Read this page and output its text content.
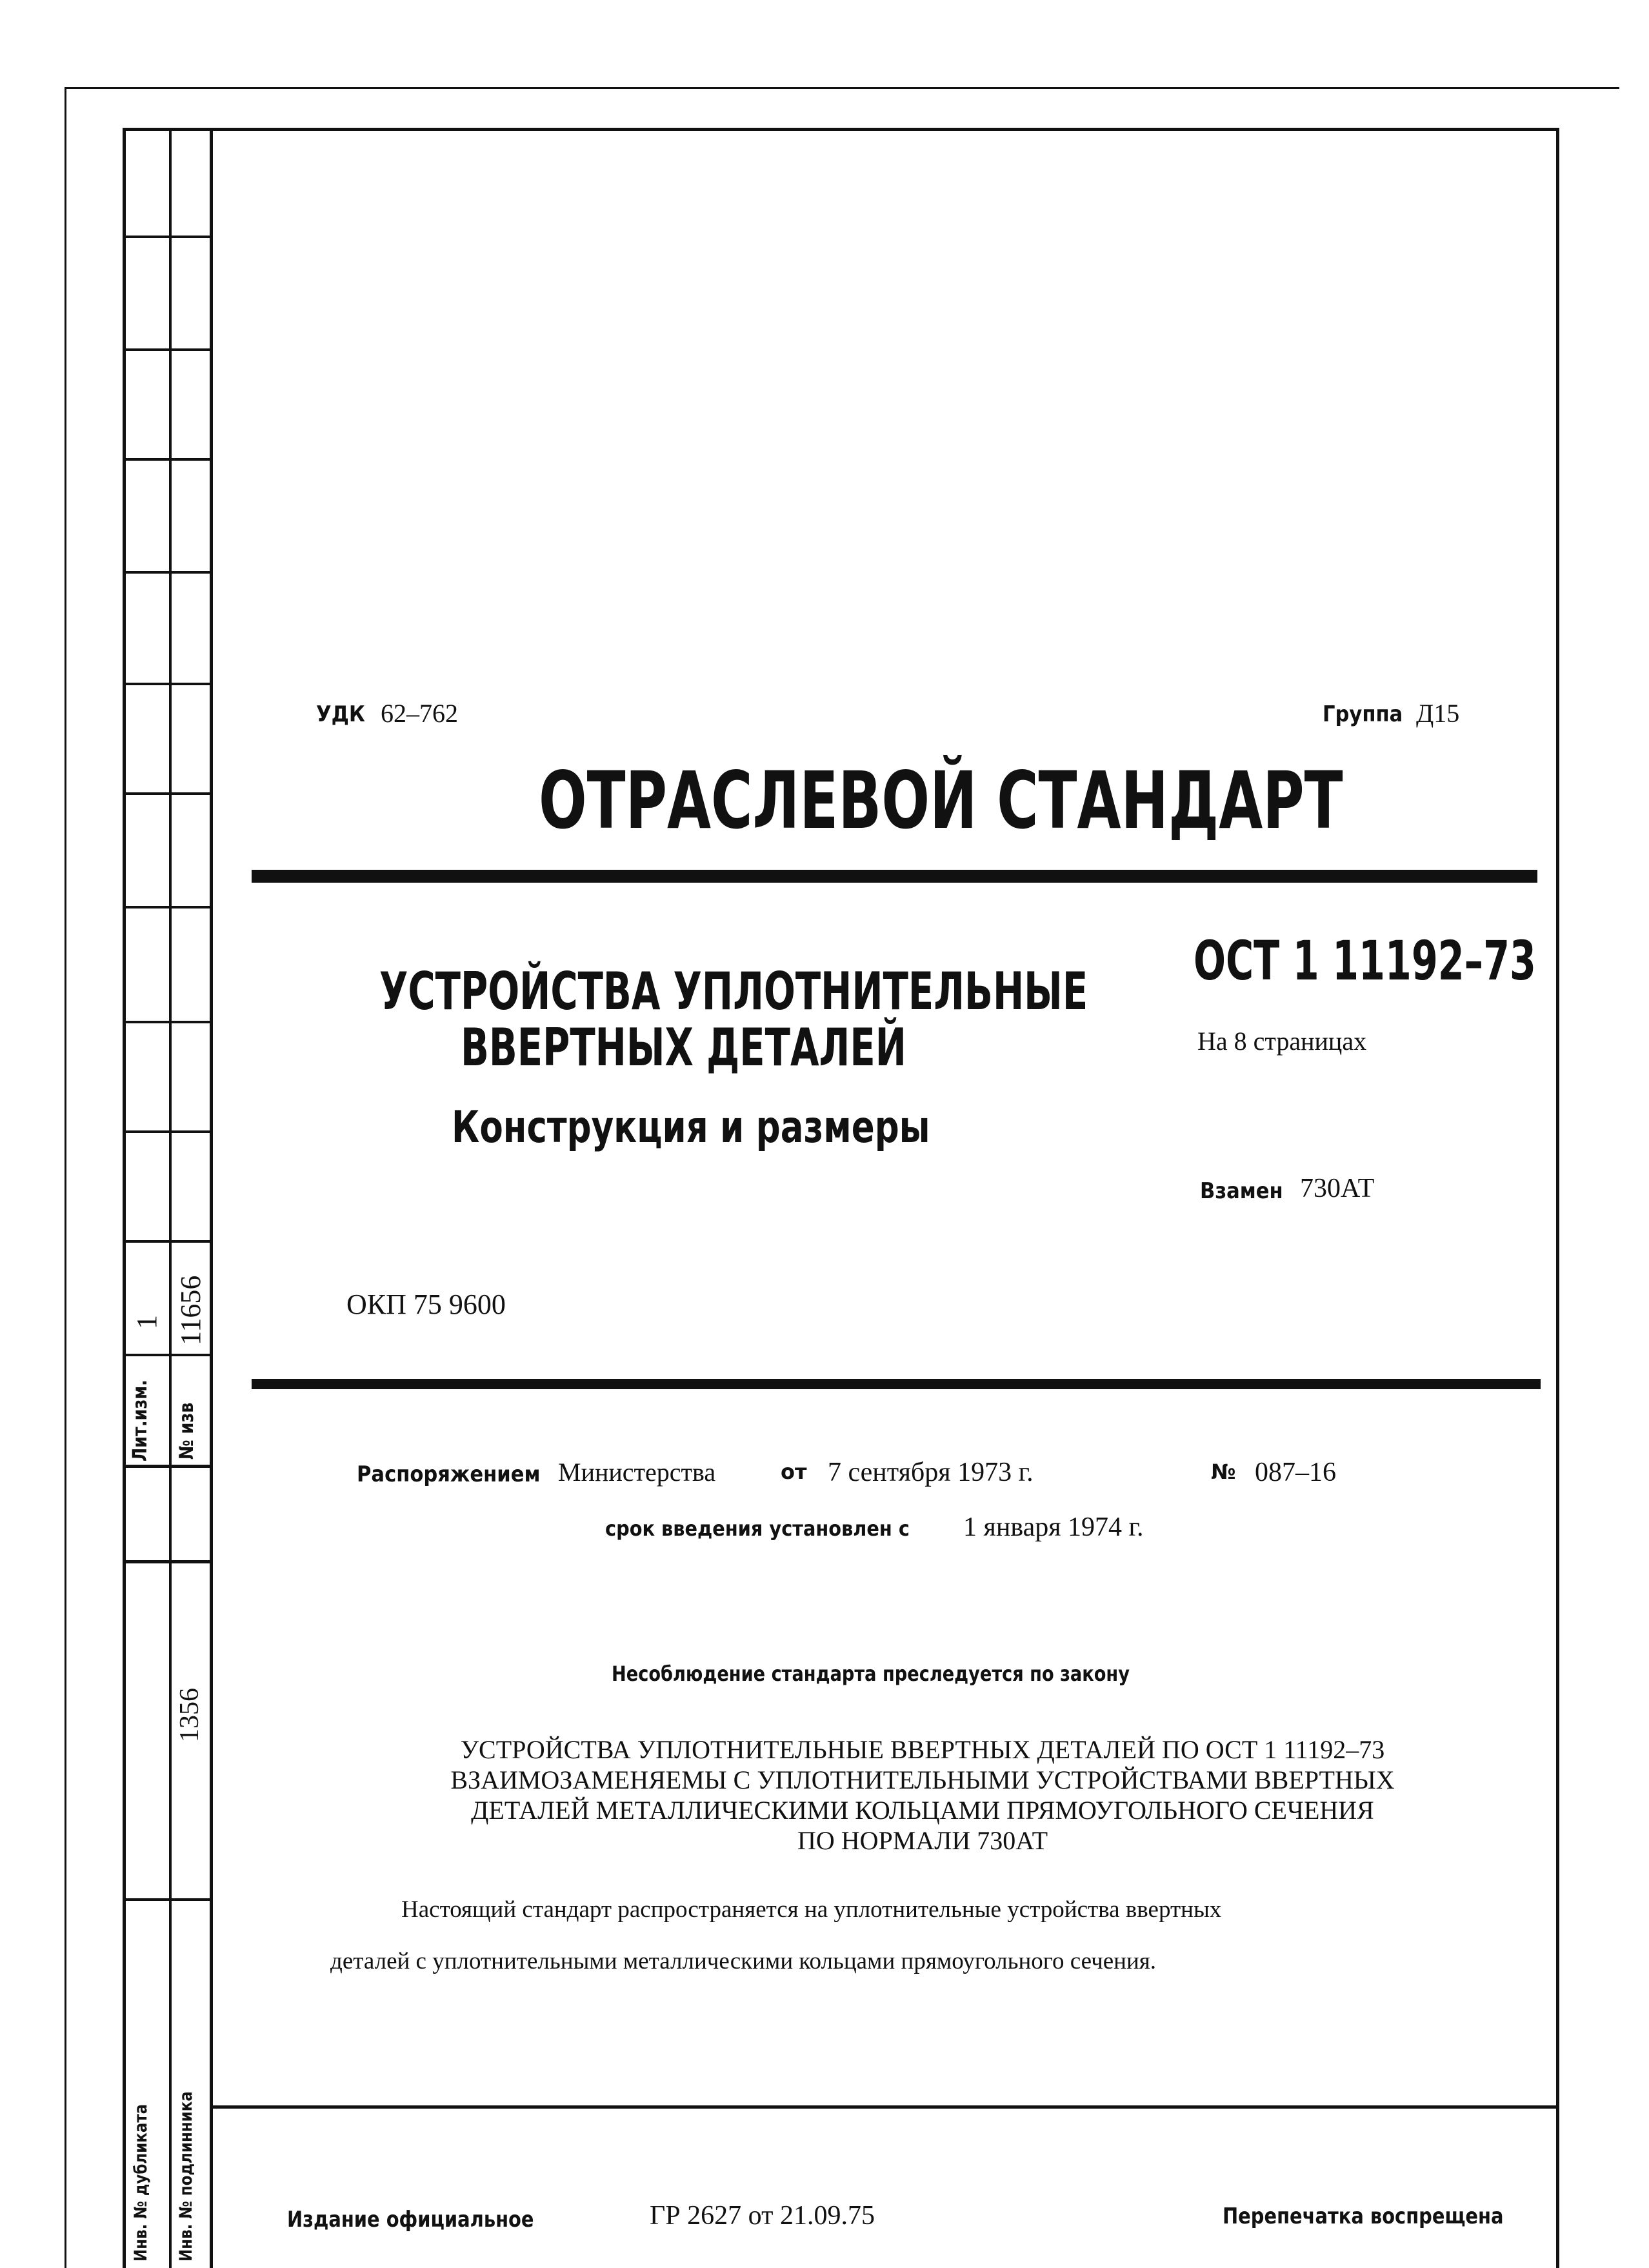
1 11656
Лит.изм. № изв
1356
Инв. № дубликата Инв. № подлинника
УДК 62–762	Группа Д15
ОТРАСЛЕВОЙ СТАНДАРТ
УСТРОЙСТВА УПЛОТНИТЕЛЬНЫЕ
ВВЕРТНЫХ ДЕТАЛЕЙ
Конструкция и размеры
ОСТ 1 11192–73
На 8 страницах
Взамен 730АТ
ОКП 75 9600
Распоряжением Министерства	от 7 сентября 1973 г.	№ 087–16
срок введения установлен с 1 января 1974 г.
Несоблюдение стандарта преследуется по закону
УСТРОЙСТВА УПЛОТНИТЕЛЬНЫЕ ВВЕРТНЫХ ДЕТАЛЕЙ ПО ОСТ 1 11192–73
ВЗАИМОЗАМЕНЯЕМЫ С УПЛОТНИТЕЛЬНЫМИ УСТРОЙСТВАМИ ВВЕРТНЫХ
ДЕТАЛЕЙ МЕТАЛЛИЧЕСКИМИ КОЛЬЦАМИ ПРЯМОУГОЛЬНОГО СЕЧЕНИЯ
ПО НОРМАЛИ 730АТ
Настоящий стандарт распространяется на уплотнительные устройства ввертных
деталей с уплотнительными металлическими кольцами прямоугольного сечения.
Издание официальное	ГР 2627 от 21.09.75	Перепечатка воспрещена
